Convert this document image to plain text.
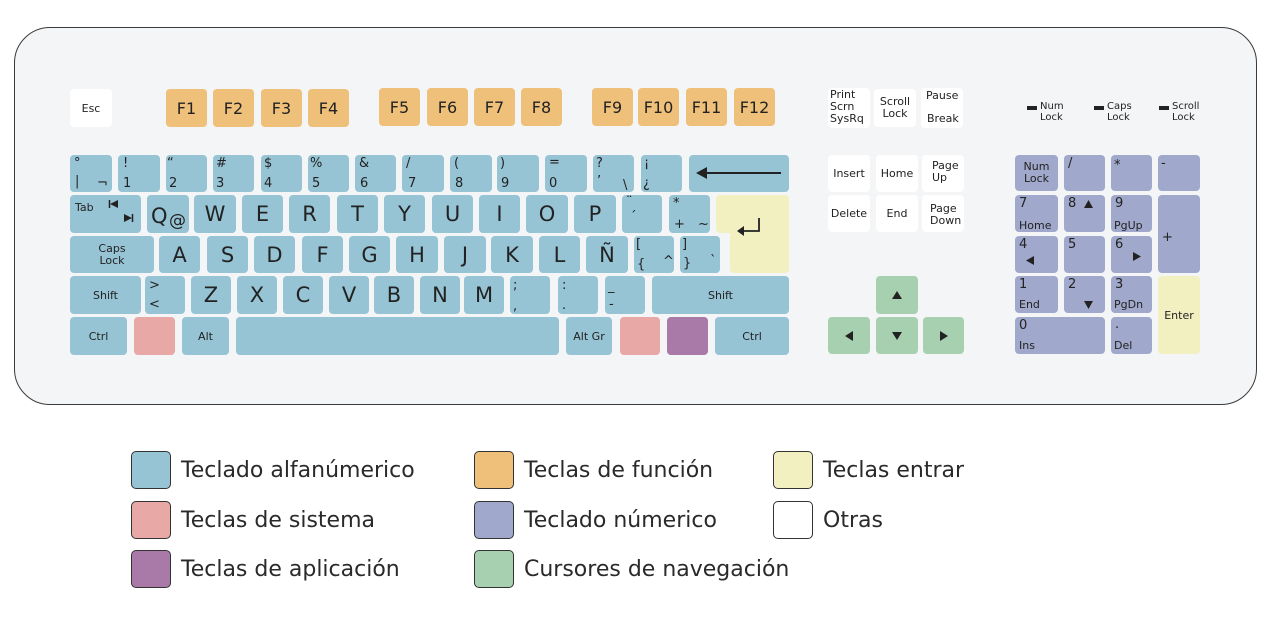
Esc	F1	F2	F3	F4	F5	F6	F7	F8	F9	F10	F11	F12
Print
Scrn
SysRq
Scroll
Lock
Pause
Break
Num
Lock
Caps
Lock
Scroll
Lock
°
| ¬
!
1
“
2
#
3
$
4
%
5
&
6
/
7
(
8
)
9
=
0
?
’ \
¡
¿
Tab	Q @ W	E	R	T	Y	U	I	O	P	¨
´
*
+ ~
Caps
Lock	A	S	D	F	G	H	J	K	L	Ñ	[
{ ^
]
} `
Shift
>
<	Z	X	C	V	B	N	M	;
,
:
.
_
-
Shift
Ctrl	Alt	Alt Gr	Ctrl
Insert	Home
Page
Up
Delete	End	Page
Down
Num
Lock
/	*	-
7
Home
8	9
PgUp
+
4	5	6
1
End
2	3
PgDn
Enter
0
Ins
.
Del
Teclado alfanúmerico	Teclas de función	Teclas entrar
Teclas de sistema	Teclado númerico	Otras
Teclas de aplicación	Cursores de navegación
